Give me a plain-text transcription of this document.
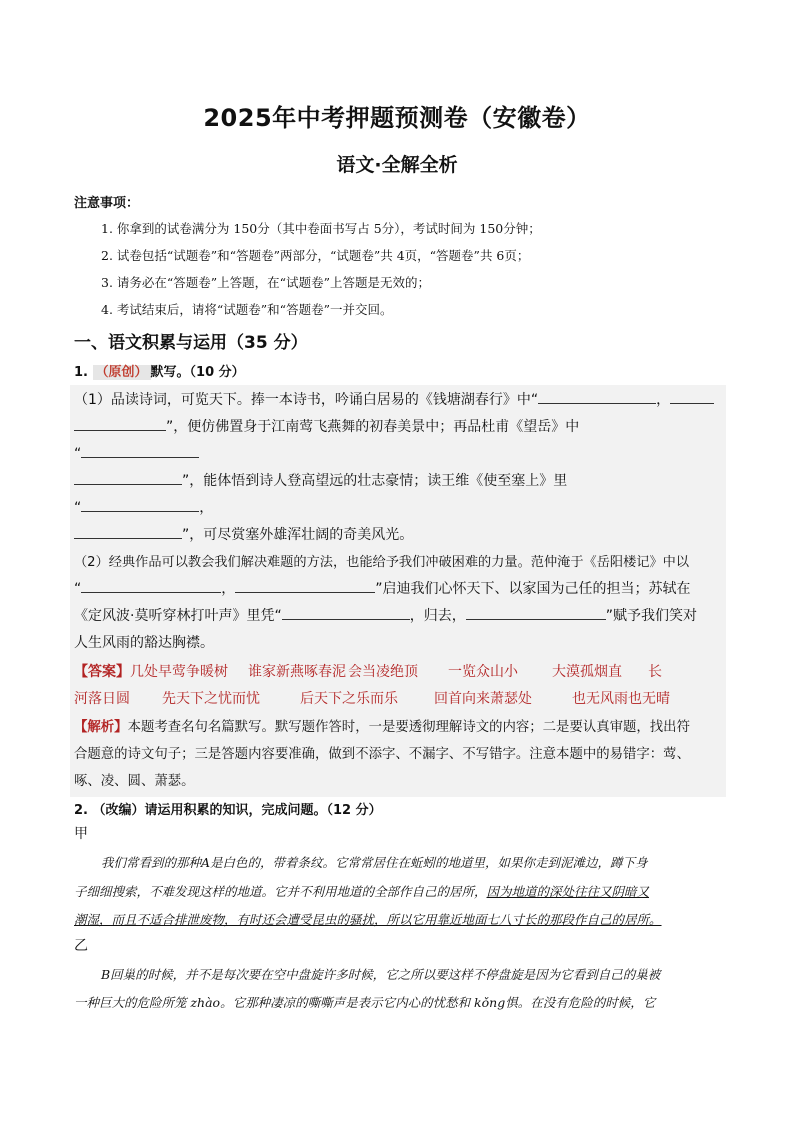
2025年中考押题预测卷（安徽卷）
语文·全解全析
注意事项：
1. 你拿到的试卷满分为 150分（其中卷面书写占 5分），考试时间为 150分钟；
2. 试卷包括“试题卷”和“答题卷”两部分，“试题卷”共 4页，“答题卷”共 6页；
3. 请务必在“答题卷”上答题，在“试题卷”上答题是无效的；
4. 考试结束后，请将“试题卷”和“答题卷”一并交回。
一、语文积累与运用（35 分）
1. （原创） 默写。（10 分）
（1）品读诗词，可览天下。捧一本诗书，吟诵白居易的《钱塘湖春行》中“	，
”，便仿佛置身于江南莺飞燕舞的初春美景中；再品杜甫《望岳》中
“
”，能体悟到诗人登高望远的壮志豪情；读王维《使至塞上》里
“	，
”，可尽赏塞外雄浑壮阔的奇美风光。
（2）经典作品可以教会我们解决难题的方法，也能给予我们冲破困难的力量。范仲淹于《岳阳楼记》中以
“	，	”启迪我们心怀天下、以家国为己任的担当；苏轼在
《定风波·莫听穿林打叶声》里凭“	，归去，	”赋予我们笑对
人生风雨的豁达胸襟。
【答案】几处早莺争暖树 谁家新燕啄春泥 会当凌绝顶 一览众山小 大漠孤烟直 长
河落日圆 先天下之忧而忧	后天下之乐而乐	回首向来萧瑟处	也无风雨也无晴
【解析】本题考查名句名篇默写。默写题作答时，一是要透彻理解诗文的内容；二是要认真审题，找出符
合题意的诗文句子；三是答题内容要准确，做到不添字、不漏字、不写错字。注意本题中的易错字：莺、
啄、凌、圆、萧瑟。
2. （改编）请运用积累的知识，完成问题。（12 分）
甲
我们常看到的那种A是白色的，带着条纹。它常常居住在蚯蚓的地道里，如果你走到泥滩边，蹲下身
子细细搜索，不难发现这样的地道。它并不利用地道的全部作自己的居所，因为地道的深处往往又阴暗又
潮湿，而且不适合排泄废物，有时还会遭受昆虫的骚扰，所以它用靠近地面七八寸长的那段作自己的居所。
乙
B回巢的时候，并不是每次要在空中盘旋许多时候，它之所以要这样不停盘旋是因为它看到自己的巢被
一种巨大的危险所笼 zhào。它那种凄凉的嘶嘶声是表示它内心的忧愁和 kǒng惧。在没有危险的时候，它
